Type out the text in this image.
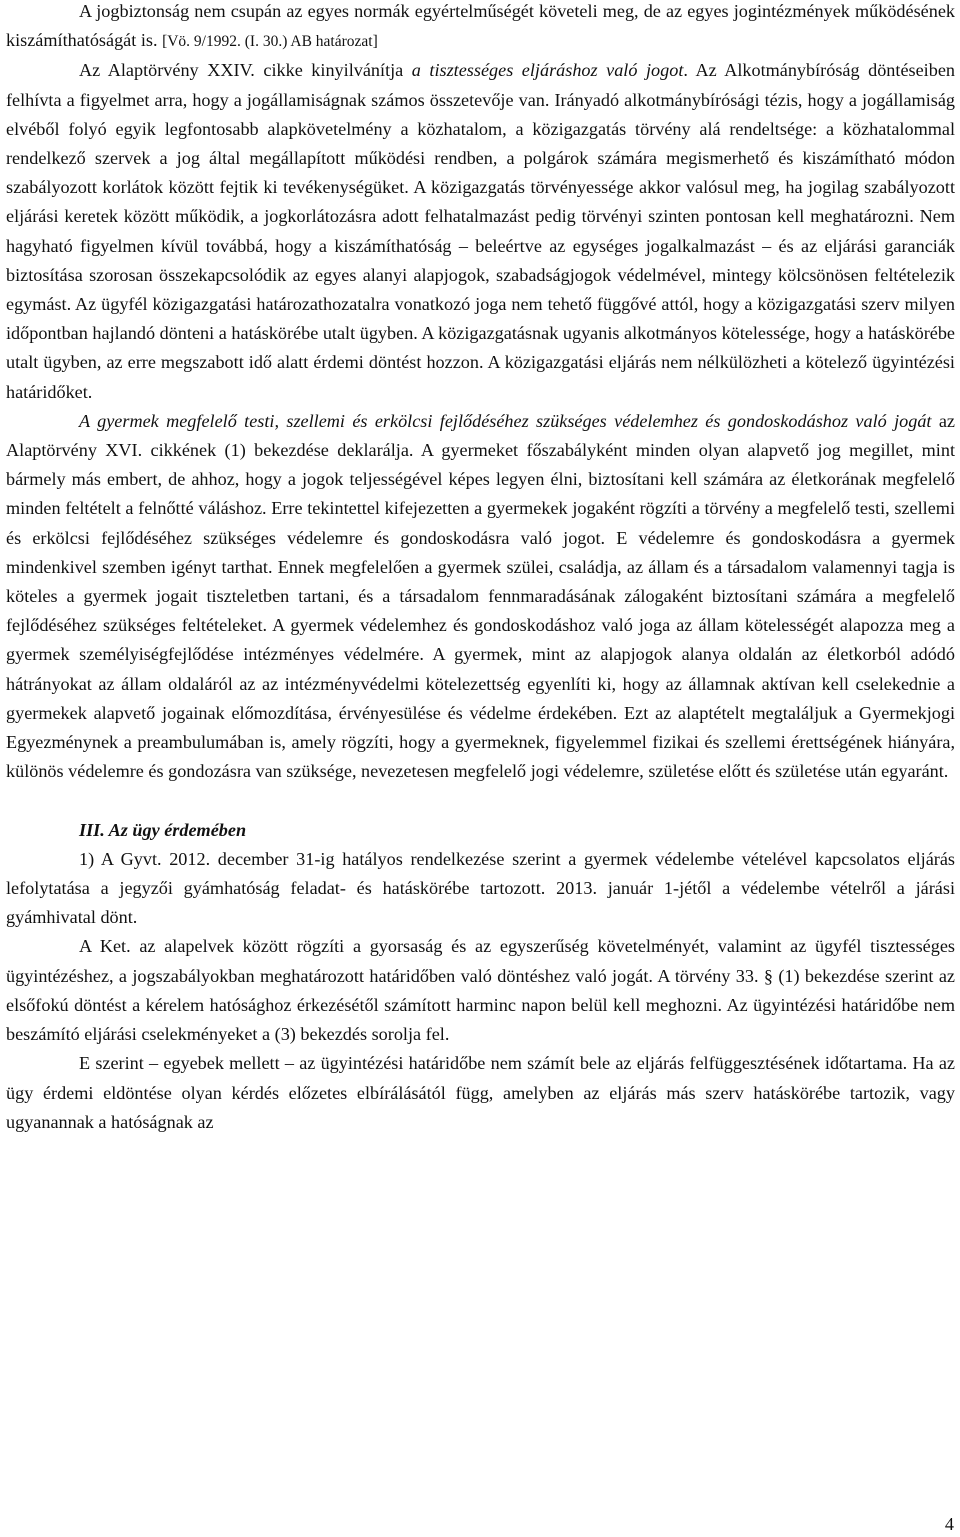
A jogbiztonság nem csupán az egyes normák egyértelműségét követeli meg, de az egyes jogintézmények működésének kiszámíthatóságát is. [Vö. 9/1992. (I. 30.) AB határozat]

Az Alaptörvény XXIV. cikke kinyilvánítja a tisztességes eljáráshoz való jogot. Az Alkotmánybíróság döntéseiben felhívta a figyelmet arra, hogy a jogállamiságnak számos összetevője van. Irányadó alkotmánybírósági tézis, hogy a jogállamiság elvéből folyó egyik legfontosabb alapkövetelmény a közhatalom, a közigazgatás törvény alá rendeltsége: a közhatalommal rendelkező szervek a jog által megállapított működési rendben, a polgárok számára megismerhető és kiszámítható módon szabályozott korlátok között fejtik ki tevékenységüket. A közigazgatás törvényessége akkor valósul meg, ha jogilag szabályozott eljárási keretek között működik, a jogkorlátozásra adott felhatalmazást pedig törvényi szinten pontosan kell meghatározni. Nem hagyható figyelmen kívül továbbá, hogy a kiszámíthatóság – beleértve az egységes jogalkalmazást – és az eljárási garanciák biztosítása szorosan összekapcsolódik az egyes alanyi alapjogok, szabadságjogok védelmével, mintegy kölcsönösen feltételezik egymást. Az ügyfél közigazgatási határozathozatalra vonatkozó joga nem tehető függővé attól, hogy a közigazgatási szerv milyen időpontban hajlandó dönteni a hatáskörébe utalt ügyben. A közigazgatásnak ugyanis alkotmányos kötelessége, hogy a hatáskörébe utalt ügyben, az erre megszabott idő alatt érdemi döntést hozzon. A közigazgatási eljárás nem nélkülözheti a kötelező ügyintézési határidőket.

A gyermek megfelelő testi, szellemi és erkölcsi fejlődéséhez szükséges védelemhez és gondoskodáshoz való jogát az Alaptörvény XVI. cikkének (1) bekezdése deklarálja. A gyermeket főszabályként minden olyan alapvető jog megillet, mint bármely más embert, de ahhoz, hogy a jogok teljességével képes legyen élni, biztosítani kell számára az életkorának megfelelő minden feltételt a felnőtté váláshoz. Erre tekintettel kifejezetten a gyermekek jogaként rögzíti a törvény a megfelelő testi, szellemi és erkölcsi fejlődéséhez szükséges védelemre és gondoskodásra való jogot. E védelemre és gondoskodásra a gyermek mindenkivel szemben igényt tarthat. Ennek megfelelően a gyermek szülei, családja, az állam és a társadalom valamennyi tagja is köteles a gyermek jogait tiszteletben tartani, és a társadalom fennmaradásának zálogaként biztosítani számára a megfelelő fejlődéséhez szükséges feltételeket. A gyermek védelemhez és gondoskodáshoz való joga az állam kötelességét alapozza meg a gyermek személyiségfejlődése intézményes védelmére. A gyermek, mint az alapjogok alanya oldalán az életkorból adódó hátrányokat az állam oldaláról az az intézményvédelmi kötelezettség egyenlíti ki, hogy az államnak aktívan kell cselekednie a gyermekek alapvető jogainak előmozdítása, érvényesülése és védelme érdekében. Ezt az alaptételt megtaláljuk a Gyermekjogi Egyezménynek a preambulumában is, amely rögzíti, hogy a gyermeknek, figyelemmel fizikai és szellemi érettségének hiányára, különös védelemre és gondozásra van szüksége, nevezetesen megfelelő jogi védelemre, születése előtt és születése után egyaránt.

III. Az ügy érdemében

1) A Gyvt. 2012. december 31-ig hatályos rendelkezése szerint a gyermek védelembe vételével kapcsolatos eljárás lefolytatása a jegyzői gyámhatóság feladat- és hatáskörébe tartozott. 2013. január 1-jétől a védelembe vételről a járási gyámhivatal dönt.

A Ket. az alapelvek között rögzíti a gyorsaság és az egyszerűség követelményét, valamint az ügyfél tisztességes ügyintézéshez, a jogszabályokban meghatározott határidőben való döntéshez való jogát. A törvény 33. § (1) bekezdése szerint az elsőfokú döntést a kérelem hatósághoz érkezésétől számított harminc napon belül kell meghozni. Az ügyintézési határidőbe nem beszámító eljárási cselekményeket a (3) bekezdés sorolja fel.

E szerint – egyebek mellett – az ügyintézési határidőbe nem számít bele az eljárás felfüggesztésének időtartama. Ha az ügy érdemi eldöntése olyan kérdés előzetes elbírálásától függ, amelyben az eljárás más szerv hatáskörébe tartozik, vagy ugyanannak a hatóságnak az

4
